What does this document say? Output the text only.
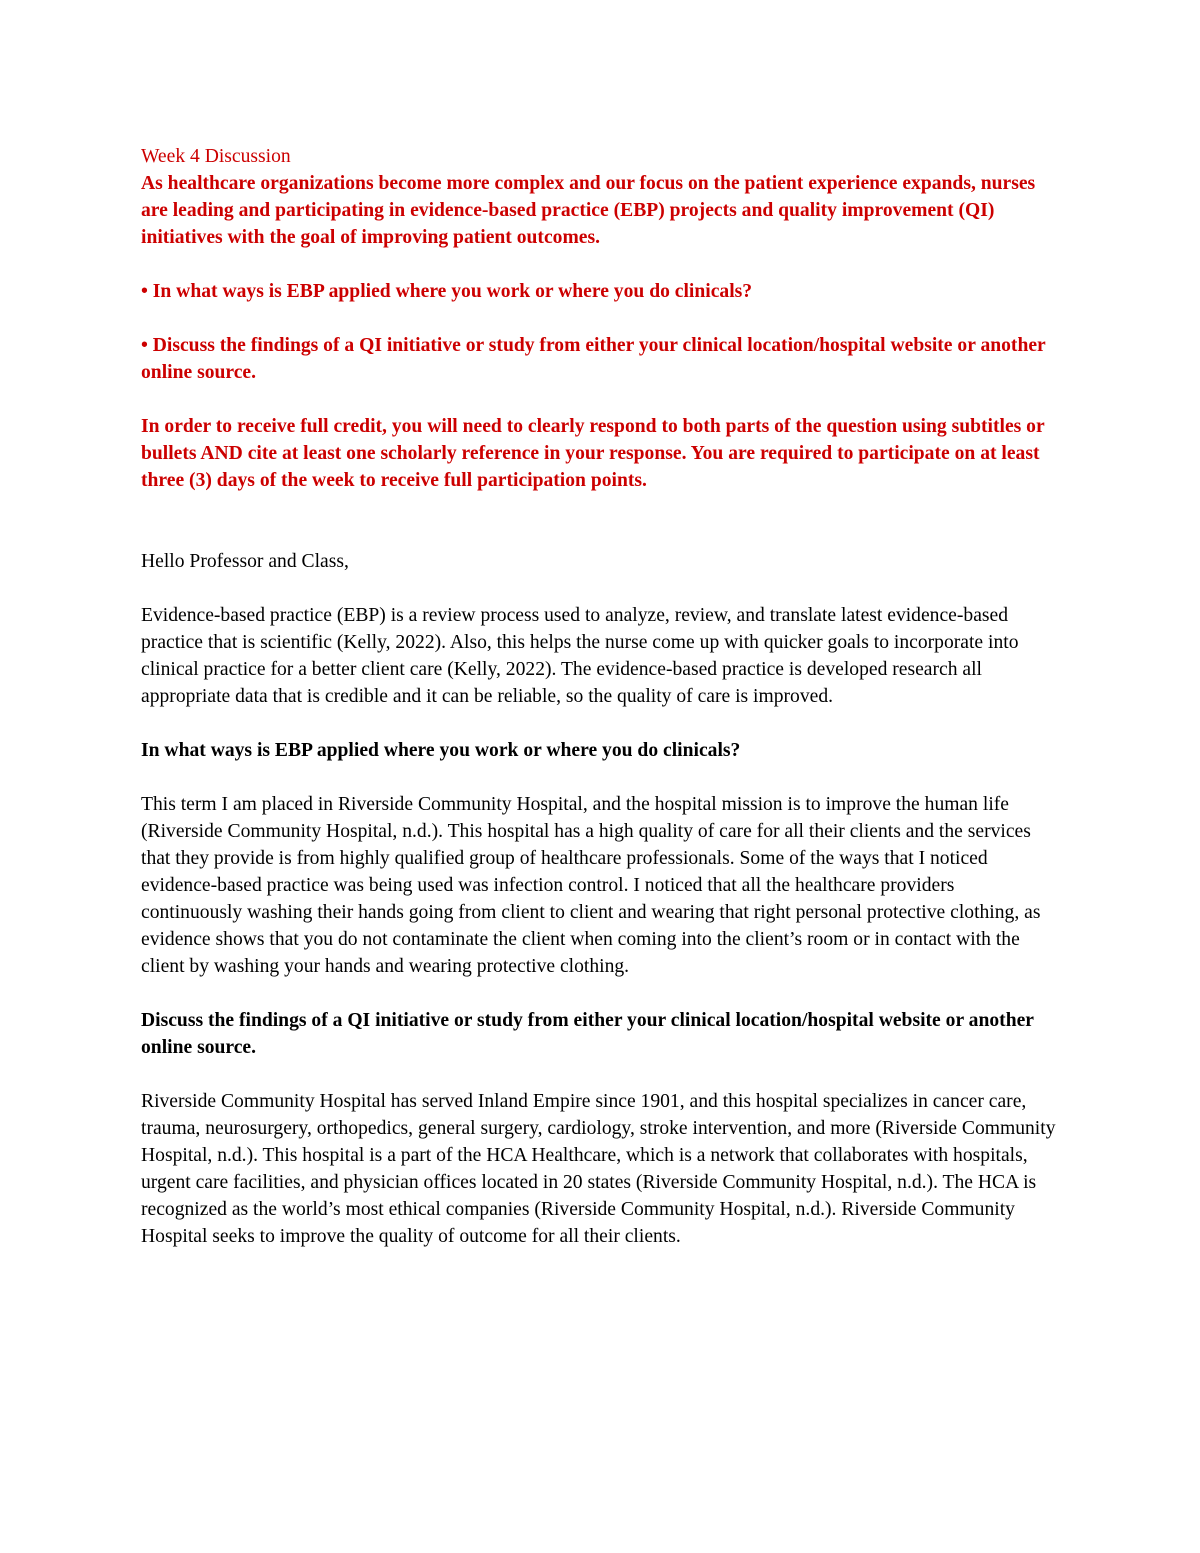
Week 4 Discussion

As healthcare organizations become more complex and our focus on the patient experience expands, nurses are leading and participating in evidence-based practice (EBP) projects and quality improvement (QI) initiatives with the goal of improving patient outcomes.

• In what ways is EBP applied where you work or where you do clinicals?

• Discuss the findings of a QI initiative or study from either your clinical location/hospital website or another online source.

In order to receive full credit, you will need to clearly respond to both parts of the question using subtitles or bullets AND cite at least one scholarly reference in your response. You are required to participate on at least three (3) days of the week to receive full participation points.

Hello Professor and Class,

Evidence-based practice (EBP) is a review process used to analyze, review, and translate latest evidence-based practice that is scientific (Kelly, 2022). Also, this helps the nurse come up with quicker goals to incorporate into clinical practice for a better client care (Kelly, 2022). The evidence-based practice is developed research all appropriate data that is credible and it can be reliable, so the quality of care is improved.

In what ways is EBP applied where you work or where you do clinicals?

This term I am placed in Riverside Community Hospital, and the hospital mission is to improve the human life (Riverside Community Hospital, n.d.). This hospital has a high quality of care for all their clients and the services that they provide is from highly qualified group of healthcare professionals. Some of the ways that I noticed evidence-based practice was being used was infection control. I noticed that all the healthcare providers continuously washing their hands going from client to client and wearing that right personal protective clothing, as evidence shows that you do not contaminate the client when coming into the client’s room or in contact with the client by washing your hands and wearing protective clothing.

Discuss the findings of a QI initiative or study from either your clinical location/hospital website or another online source.

Riverside Community Hospital has served Inland Empire since 1901, and this hospital specializes in cancer care, trauma, neurosurgery, orthopedics, general surgery, cardiology, stroke intervention, and more (Riverside Community Hospital, n.d.). This hospital is a part of the HCA Healthcare, which is a network that collaborates with hospitals, urgent care facilities, and physician offices located in 20 states (Riverside Community Hospital, n.d.). The HCA is recognized as the world’s most ethical companies (Riverside Community Hospital, n.d.). Riverside Community Hospital seeks to improve the quality of outcome for all their clients.
